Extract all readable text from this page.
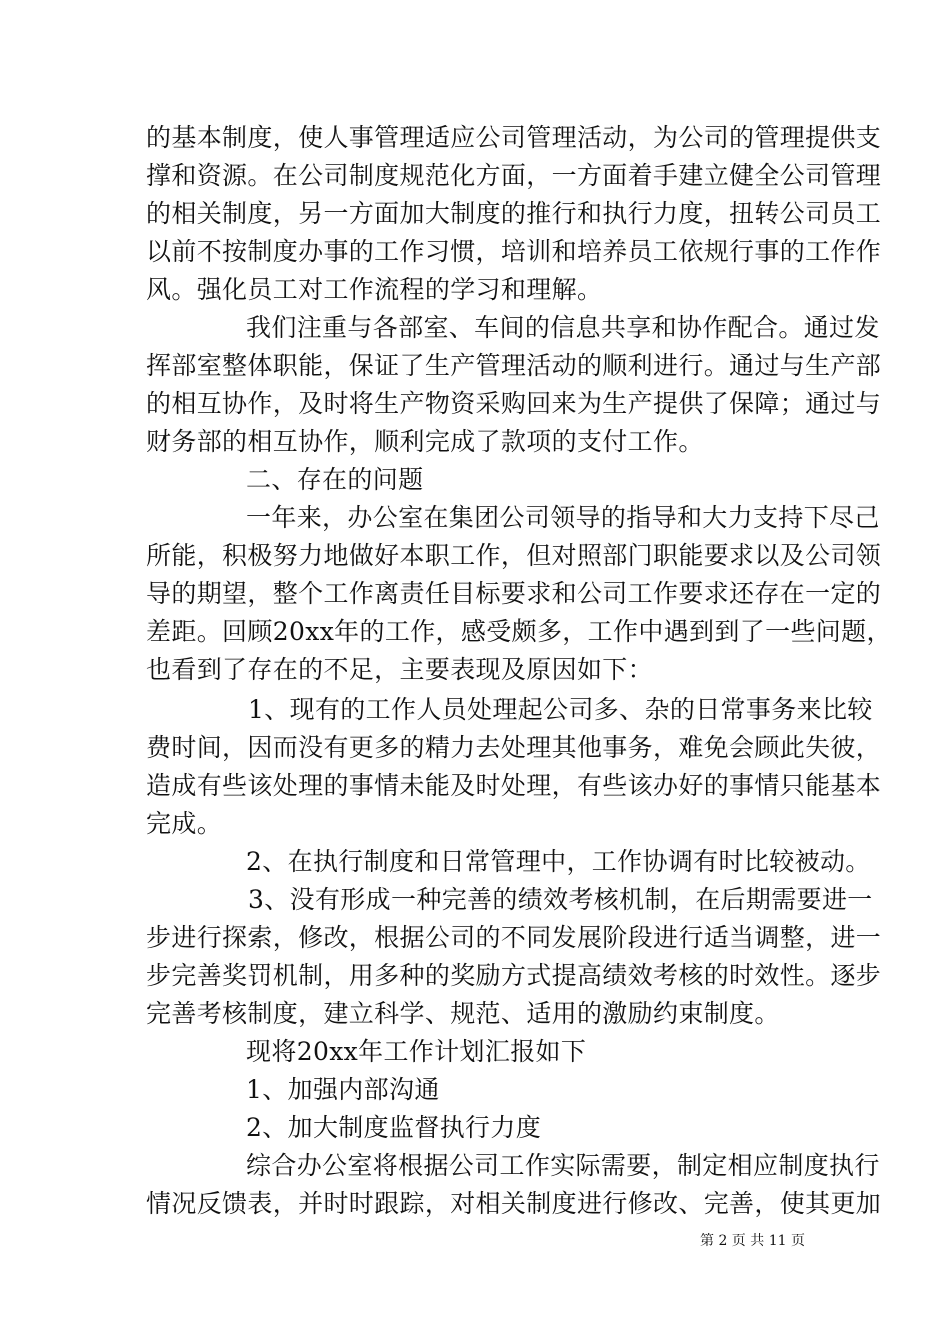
的基本制度，使人事管理适应公司管理活动，为公司的管理提供支
撑和资源。在公司制度规范化方面，一方面着手建立健全公司管理
的相关制度，另一方面加大制度的推行和执行力度，扭转公司员工
以前不按制度办事的工作习惯，培训和培养员工依规行事的工作作
风。强化员工对工作流程的学习和理解。
我们注重与各部室、车间的信息共享和协作配合。通过发
挥部室整体职能，保证了生产管理活动的顺利进行。通过与生产部
的相互协作，及时将生产物资采购回来为生产提供了保障；通过与
财务部的相互协作，顺利完成了款项的支付工作。
二、存在的问题
一年来，办公室在集团公司领导的指导和大力支持下尽己
所能，积极努力地做好本职工作，但对照部门职能要求以及公司领
导的期望，整个工作离责任目标要求和公司工作要求还存在一定的
差距。回顾20xx年的工作，感受颇多，工作中遇到到了一些问题，
也看到了存在的不足，主要表现及原因如下：
1、现有的工作人员处理起公司多、杂的日常事务来比较
费时间，因而没有更多的精力去处理其他事务，难免会顾此失彼，
造成有些该处理的事情未能及时处理，有些该办好的事情只能基本
完成。
2、在执行制度和日常管理中，工作协调有时比较被动。
3、没有形成一种完善的绩效考核机制，在后期需要进一
步进行探索，修改，根据公司的不同发展阶段进行适当调整，进一
步完善奖罚机制，用多种的奖励方式提高绩效考核的时效性。逐步
完善考核制度，建立科学、规范、适用的激励约束制度。
现将20xx年工作计划汇报如下
1、加强内部沟通
2、加大制度监督执行力度
综合办公室将根据公司工作实际需要，制定相应制度执行
情况反馈表，并时时跟踪，对相关制度进行修改、完善，使其更加
第 2 页 共 11 页
